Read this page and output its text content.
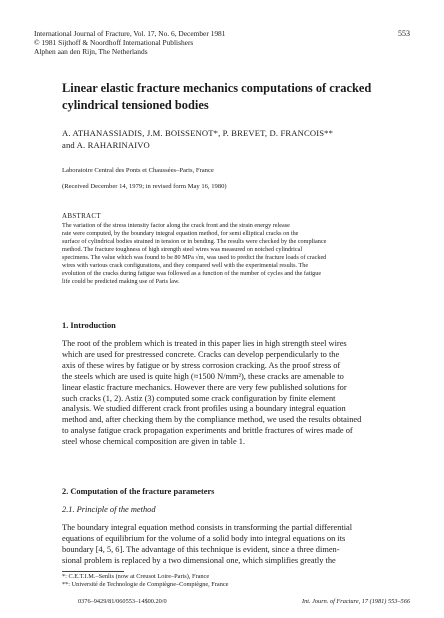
International Journal of Fracture, Vol. 17, No. 6, December 1981
© 1981 Sijthoff & Noordhoff International Publishers
Alphen aan den Rijn, The Netherlands
553
Linear elastic fracture mechanics computations of cracked
cylindrical tensioned bodies
A. ATHANASSIADIS, J.M. BOISSENOT*, P. BREVET, D. FRANCOIS**
and A. RAHARINAIVO
Laboratoire Central des Ponts et Chaussées–Paris, France
(Received December 14, 1979; in revised form May 16, 1980)
ABSTRACT
The variation of the stress intensity factor along the crack front and the strain energy release
rate were computed, by the boundary integral equation method, for semi elliptical cracks on the
surface of cylindrical bodies strained in tension or in bending. The results were checked by the compliance
method. The fracture toughness of high strength steel wires was measured on notched cylindrical
specimens. The value which was found to be 80 MPa √m, was used to predict the fracture loads of cracked
wires with various crack configurations, and they compared well with the experimental results. The
evolution of the cracks during fatigue was followed as a function of the number of cycles and the fatigue
life could be predicted making use of Paris law.
1. Introduction
The root of the problem which is treated in this paper lies in high strength steel wires
which are used for prestressed concrete. Cracks can develop perpendicularly to the
axis of these wires by fatigue or by stress corrosion cracking. As the proof stress of
the steels which are used is quite high (≈1500 N/mm²), these cracks are amenable to
linear elastic fracture mechanics. However there are very few published solutions for
such cracks (1, 2). Astiz (3) computed some crack configuration by finite element
analysis. We studied different crack front profiles using a boundary integral equation
method and, after checking them by the compliance method, we used the results obtained
to analyse fatigue crack propagation experiments and brittle fractures of wires made of
steel whose chemical composition are given in table 1.
2. Computation of the fracture parameters
2.1. Principle of the method
The boundary integral equation method consists in transforming the partial differential
equations of equilibrium for the volume of a solid body into integral equations on its
boundary [4, 5, 6]. The advantage of this technique is evident, since a three dimen-
sional problem is replaced by a two dimensional one, which simplifies greatly the
*: C.E.T.I.M.–Senlis (now at Creusot Loire–Paris), France
**: Université de Technologie de Compiègne–Compiègne, France
0376–9429/81/060553–14$00.20/0	Int. Journ. of Fracture, 17 (1981) 553–566
